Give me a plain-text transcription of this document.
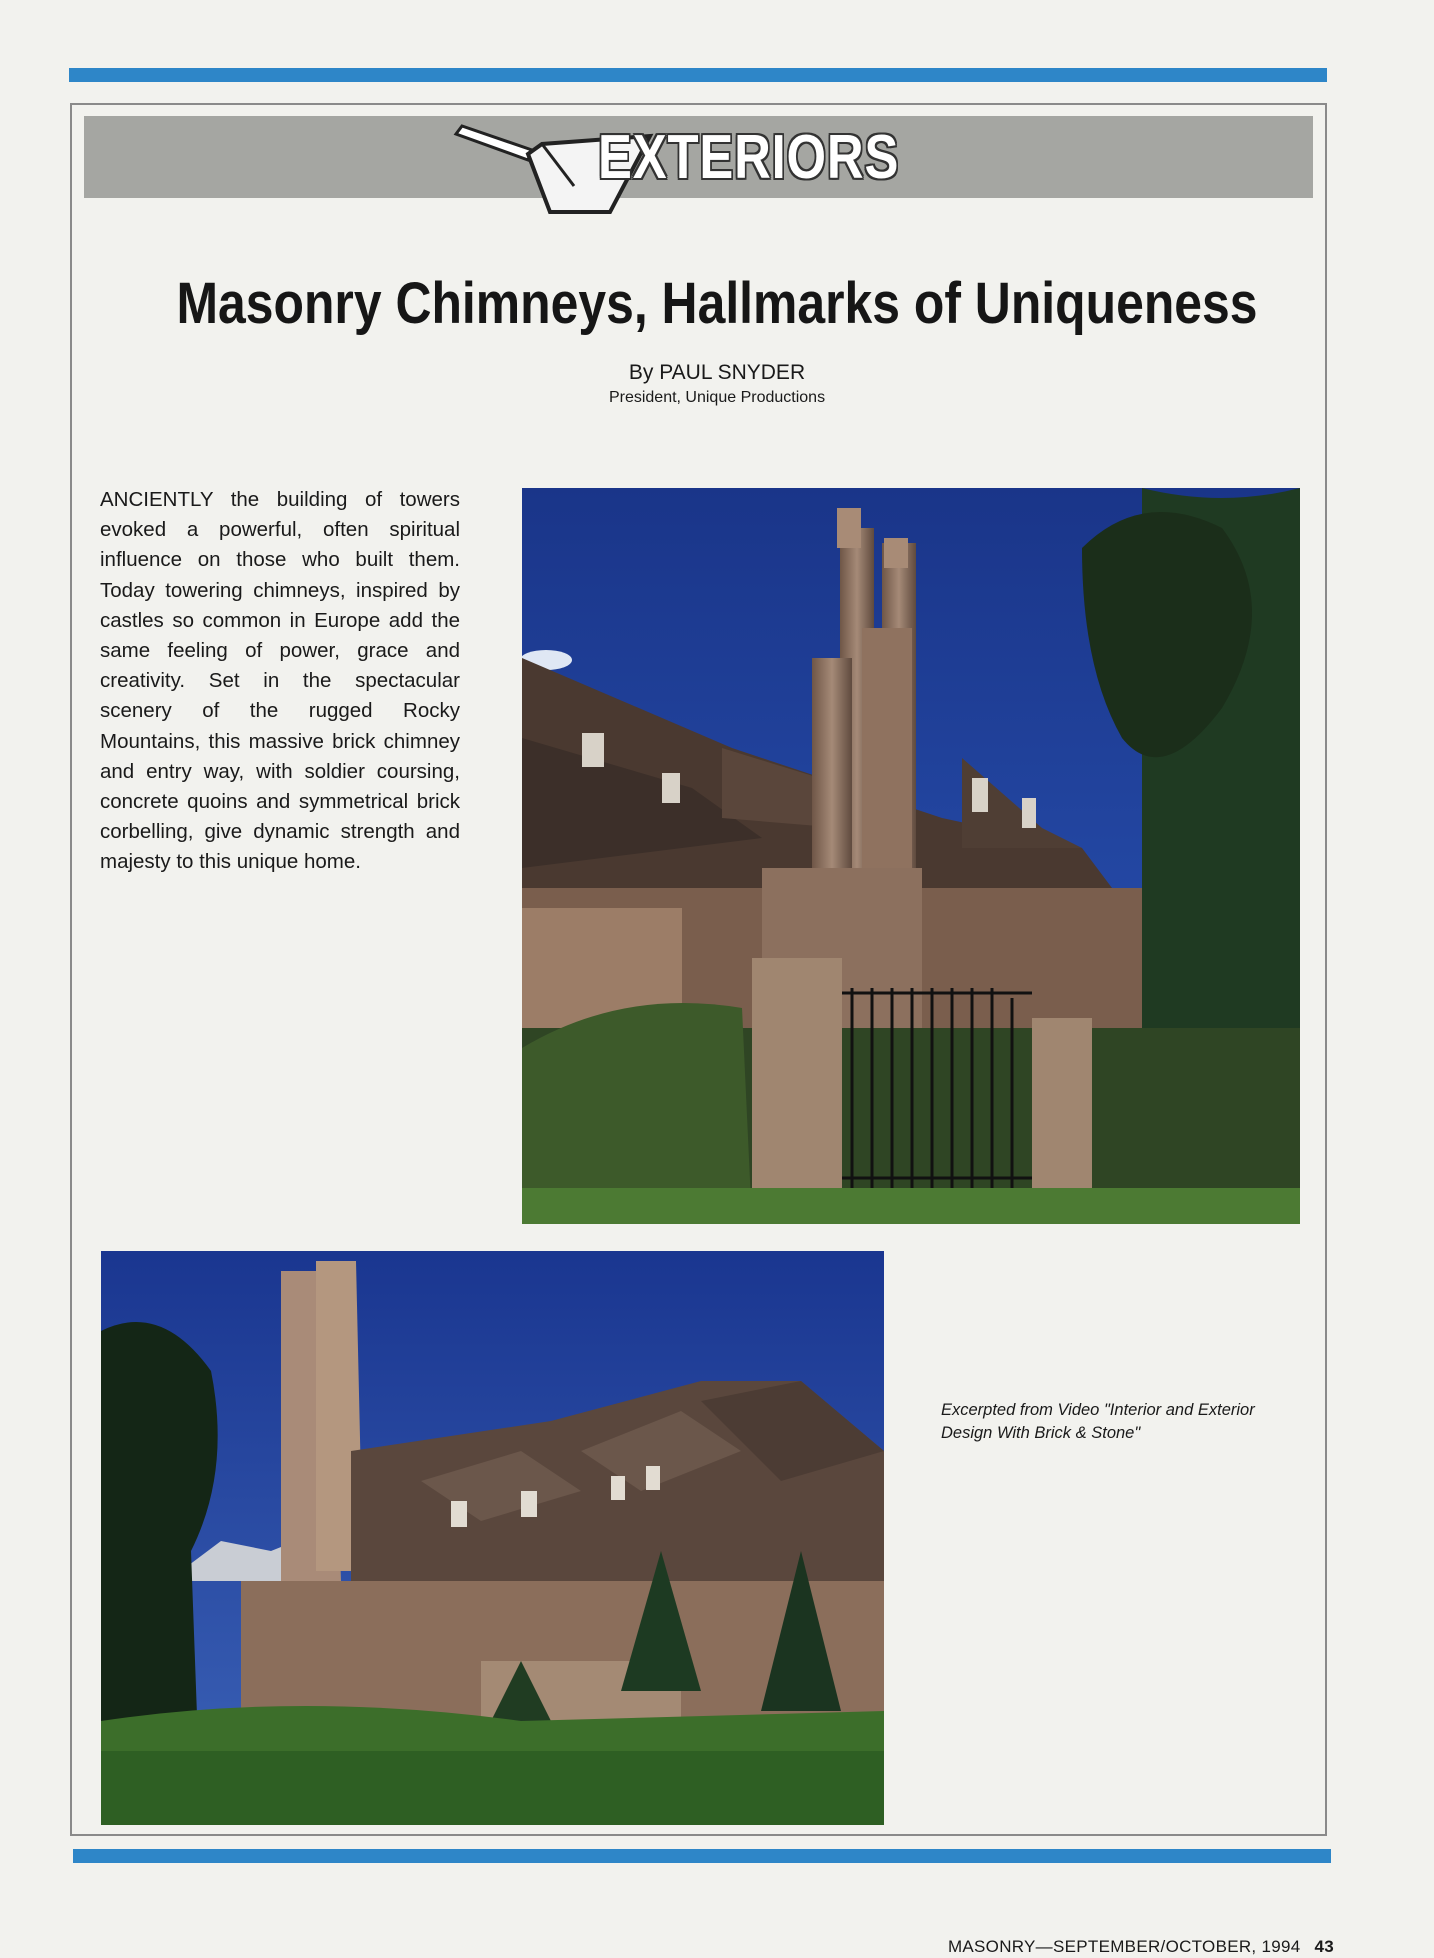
EXTERIORS
Masonry Chimneys, Hallmarks of Uniqueness
By PAUL SNYDER
President, Unique Productions

ANCIENTLY the building of towers evoked a powerful, often spiritual influence on those who built them. Today towering chimneys, inspired by castles so common in Europe add the same feeling of power, grace and creativity. Set in the spectacular scenery of the rugged Rocky Mountains, this massive brick chimney and entry way, with soldier coursing, concrete quoins and symmetrical brick corbelling, give dynamic strength and majesty to this unique home.

Excerpted from Video "Interior and Exterior Design With Brick & Stone"
MASONRY—SEPTEMBER/OCTOBER, 1994 43
